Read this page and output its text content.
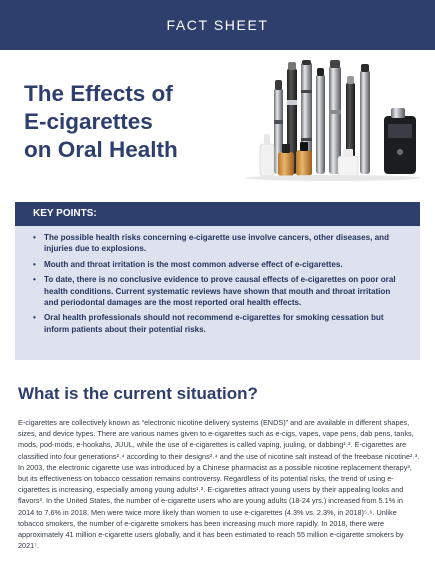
FACT SHEET
The Effects of
E-cigarettes
on Oral Health
KEY POINTS:
• The possible health risks concerning e-cigarette use involve cancers, other diseases, and injuries due to explosions.
• Mouth and throat irritation is the most common adverse effect of e-cigarettes.
• To date, there is no conclusive evidence to prove causal effects of e-cigarettes on poor oral health conditions. Current systematic reviews have shown that mouth and throat irritation and periodontal damages are the most reported oral health effects.
• Oral health professionals should not recommend e-cigarettes for smoking cessation but inform patients about their potential risks.
What is the current situation?
E-cigarettes are collectively known as “electronic nicotine delivery systems (ENDS)” and are available in different shapes, sizes, and device types. There are various names given to e-cigarettes such as e-cigs, vapes, vape pens, dab pens, tanks, mods, pod-mods, e-hookahs, JUUL, while the use of e-cigarettes is called vaping, juuling, or dabbing¹˒². E-cigarettes are classified into four generations²˒⁴ according to their designs²˒⁴ and the use of nicotine salt instead of the freebase nicotine²˒³. In 2003, the electronic cigarette use was introduced by a Chinese pharmacist as a possible nicotine replacement therapy³, but its effectiveness on tobacco cessation remains controversy. Regardless of its potential risks, the trend of using e-cigarettes is increasing, especially among young adults¹˒². E-cigarettes attract young users by their appealing looks and flavors³. In the United States, the number of e-cigarette users who are young adults (18-24 yrs.) increased from 5.1% in 2014 to 7.6% in 2018. Men were twice more likely than women to use e-cigarettes (4.3% vs. 2.3%, in 2018)⁵˒⁶. Unlike tobacco smokers, the number of e-cigarette smokers has been increasing much more rapidly. In 2018, there were approximately 41 million e-cigarette users globally, and it has been estimated to reach 55 million e-cigarette smokers by 2021⁷.
